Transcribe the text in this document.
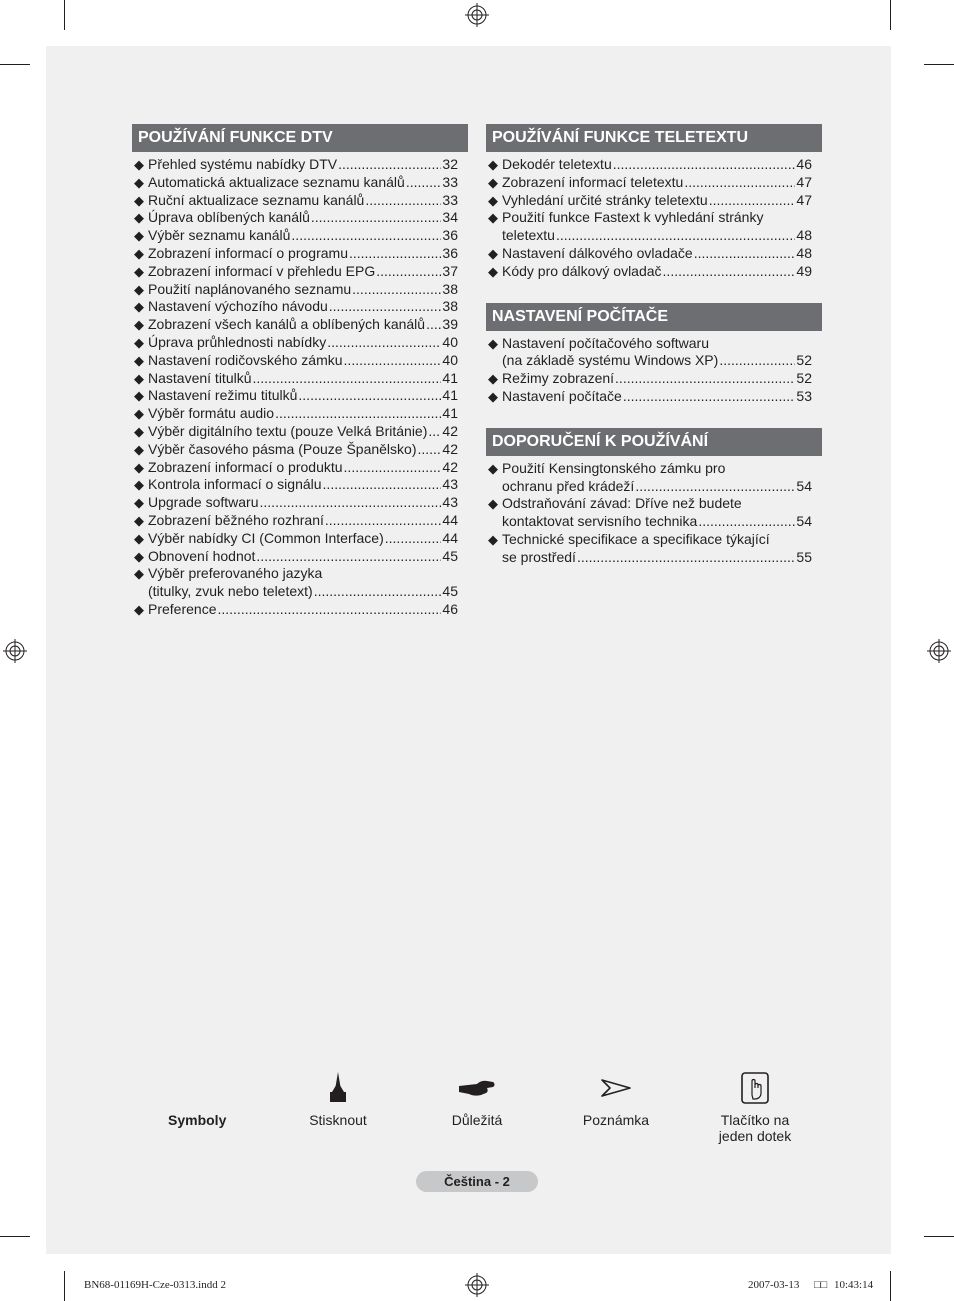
POUŽÍVÁNÍ FUNKCE DTV
◆ Přehled systému nabídky DTV .....	32
◆ Automatická aktualizace seznamu kanálů .....	33
◆ Ruční aktualizace seznamu kanálů .....	33
◆ Úprava oblíbených kanálů .....	34
◆ Výběr seznamu kanálů .....	36
◆ Zobrazení informací o programu .....	36
◆ Zobrazení informací v přehledu EPG .....	37
◆ Použití naplánovaného seznamu .....	38
◆ Nastavení výchozího návodu .....	38
◆ Zobrazení všech kanálů a oblíbených kanálů ..... 39
◆ Úprava průhlednosti nabídky .....	40
◆ Nastavení rodičovského zámku .....	40
◆ Nastavení titulků .....	41
◆ Nastavení režimu titulků .....	41
◆ Výběr formátu audio .....	41
◆ Výběr digitálního textu (pouze Velká Británie) ..... 42
◆ Výběr časového pásma (Pouze Španělsko) ..... 42
◆ Zobrazení informací o produktu .....	42
◆ Kontrola informací o signálu .....	43
◆ Upgrade softwaru .....	43
◆ Zobrazení běžného rozhraní .....	44
◆ Výběr nabídky CI (Common Interface) .....	44
◆ Obnovení hodnot .....	45
◆ Výběr preferovaného jazyka
(titulky, zvuk nebo teletext) .....	45
◆ Preference .....	46
POUŽÍVÁNÍ FUNKCE TELETEXTU
◆ Dekodér teletextu .....	46
◆ Zobrazení informací teletextu .....	47
◆ Vyhledání určité stránky teletextu .....	47
◆ Použití funkce Fastext k vyhledání stránky
teletextu .....	48
◆ Nastavení dálkového ovladače .....	48
◆ Kódy pro dálkový ovladač .....	49
NASTAVENÍ POČÍTAČE
◆ Nastavení počítačového softwaru
(na základě systému Windows XP) .....	52
◆ Režimy zobrazení .....	52
◆ Nastavení počítače .....	53
DOPORUČENÍ K POUŽÍVÁNÍ
◆ Použití Kensingtonského zámku pro
ochranu před krádeží .....	54
◆ Odstraňování závad: Dříve než budete
kontaktovat servisního technika .....	54
◆ Technické specifikace a specifikace týkající
se prostředí .....	55
Symboly	Stisknout	Důležitá	Poznámka	Tlačítko na
jeden dotek
Čeština - 2
BN68-01169H-Cze-0313.indd 2	2007-03-13 □□ 10:43:14
